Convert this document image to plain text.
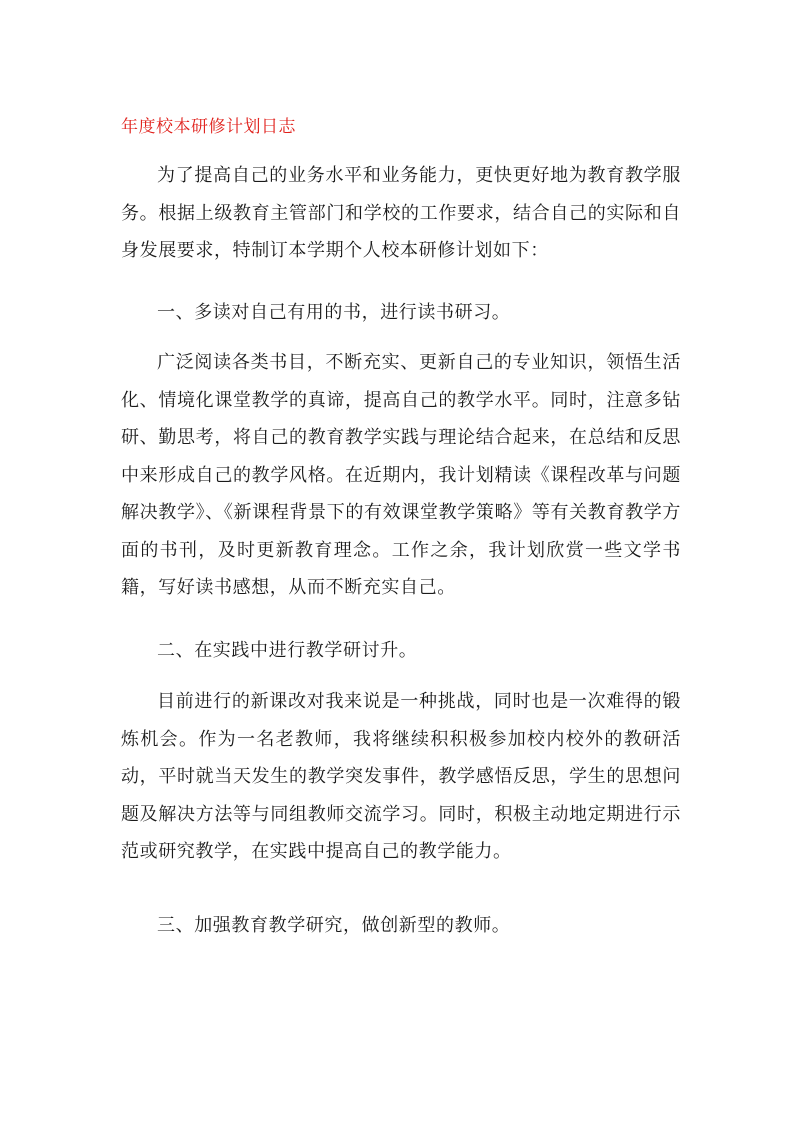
年度校本研修计划日志
为了提高自己的业务水平和业务能力，更快更好地为教育教学服务。根据上级教育主管部门和学校的工作要求，结合自己的实际和自身发展要求，特制订本学期个人校本研修计划如下：
一、多读对自己有用的书，进行读书研习。
广泛阅读各类书目，不断充实、更新自己的专业知识，领悟生活化、情境化课堂教学的真谛，提高自己的教学水平。同时，注意多钻研、勤思考，将自己的教育教学实践与理论结合起来，在总结和反思中来形成自己的教学风格。在近期内，我计划精读《课程改革与问题解决教学》、《新课程背景下的有效课堂教学策略》等有关教育教学方面的书刊，及时更新教育理念。工作之余，我计划欣赏一些文学书籍，写好读书感想，从而不断充实自己。
二、在实践中进行教学研讨升。
目前进行的新课改对我来说是一种挑战，同时也是一次难得的锻炼机会。作为一名老教师，我将继续积积极参加校内校外的教研活动，平时就当天发生的教学突发事件，教学感悟反思，学生的思想问题及解决方法等与同组教师交流学习。同时，积极主动地定期进行示范或研究教学，在实践中提高自己的教学能力。
三、加强教育教学研究，做创新型的教师。
